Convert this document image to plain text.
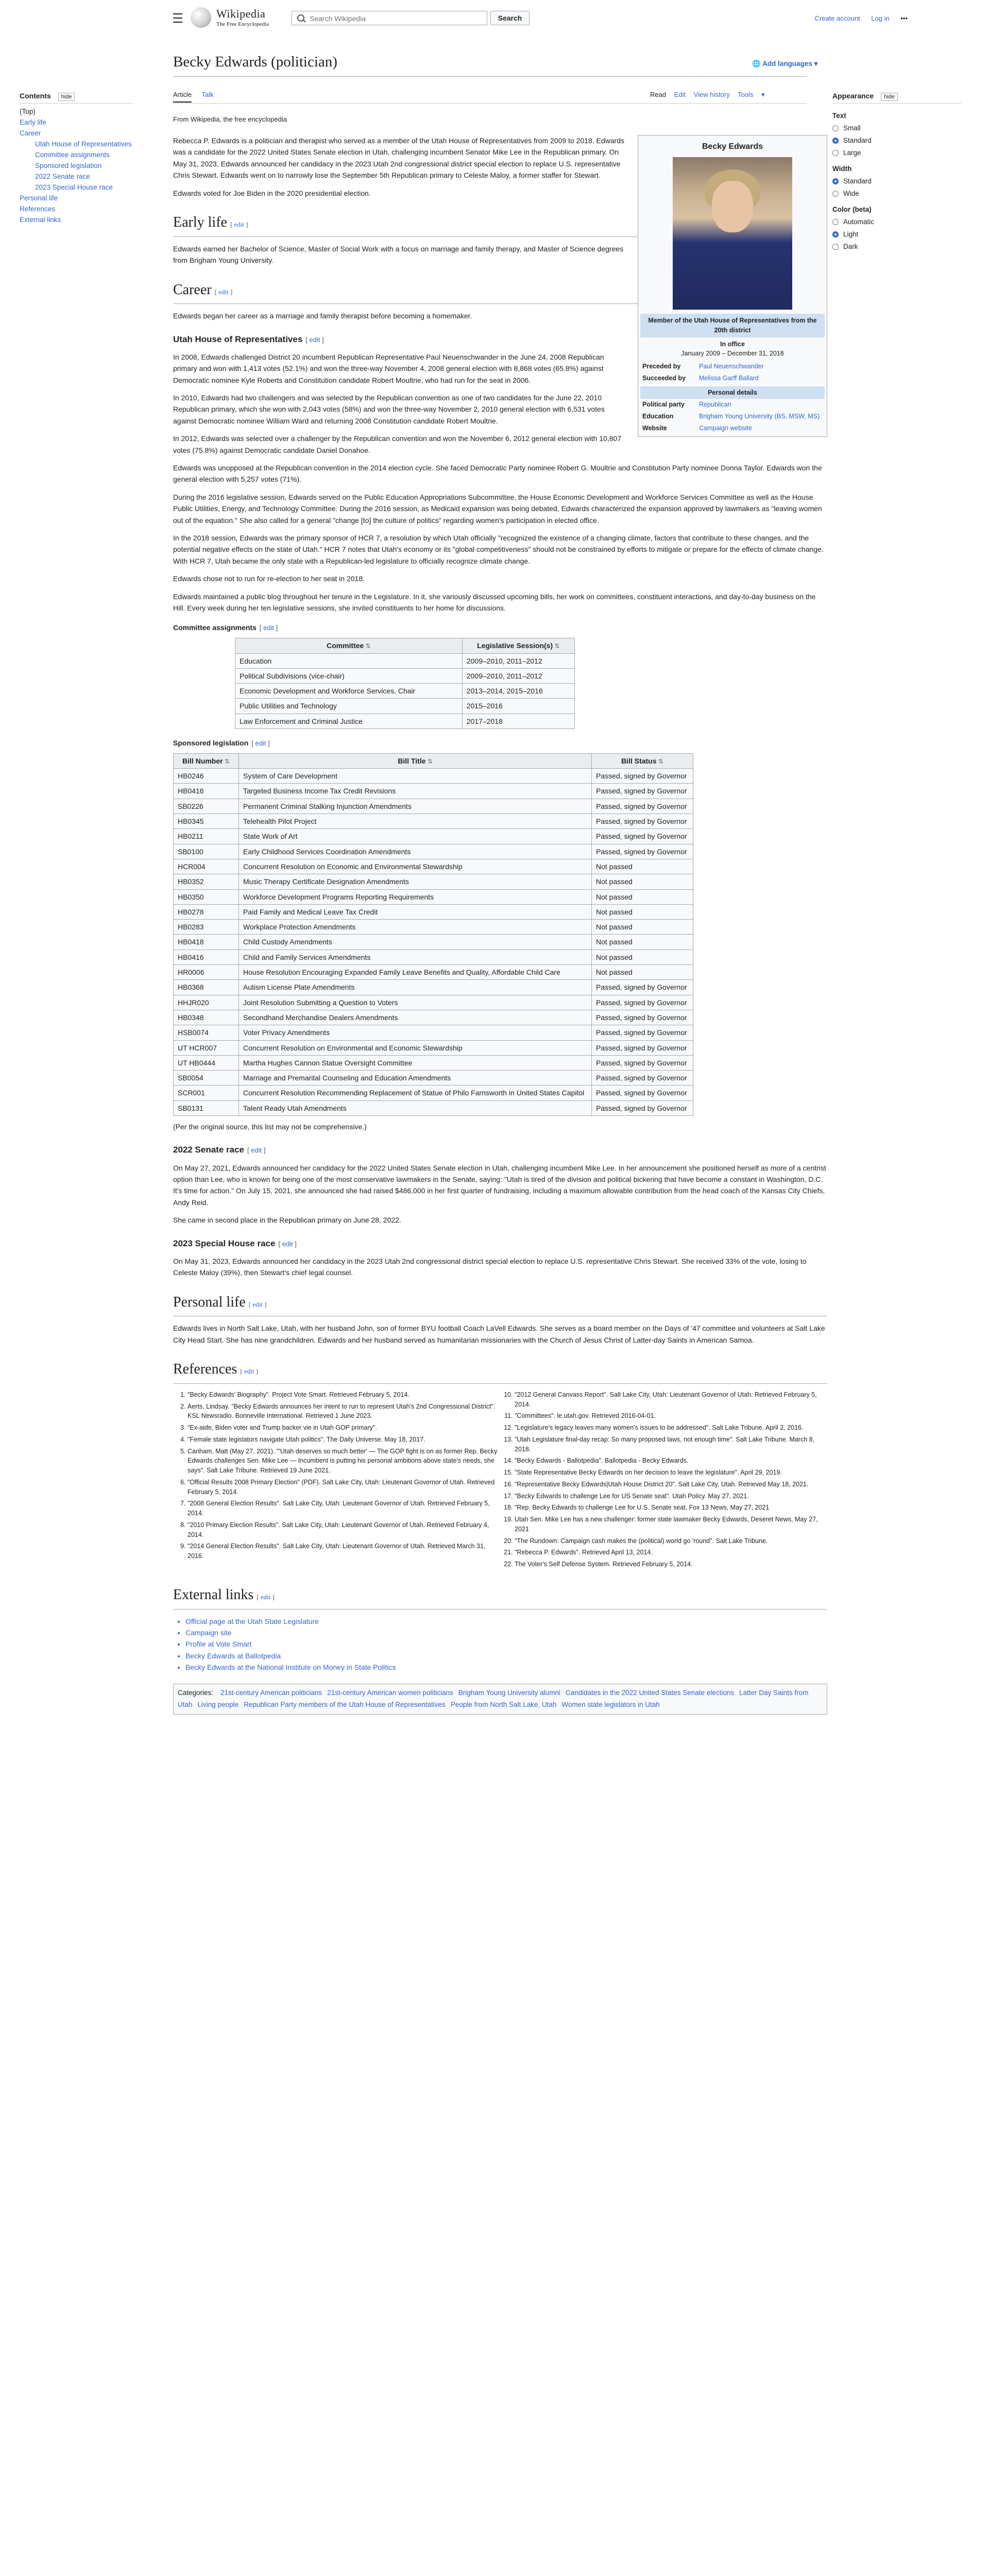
Wikipedia
The Free Encyclopedia
Search Wikipedia
Search	Create account Log in •••
Becky Edwards (politician)	🌐 Add languages ▾
Article Talk	Read Edit View history Tools ▾
From Wikipedia, the free encyclopedia
Contents hide
(Top)
Early life
Career
Utah House of Representatives
Committee assignments
Sponsored legislation
2022 Senate race
2023 Special House race
Personal life
References
External links
Appearance hide
Text
Small
Standard
Large
Width
Standard
Wide
Color (beta)
Automatic
Light
Dark
Becky Edwards
Member of the Utah House of Representatives from the 20th district
In office
January 2009 – December 31, 2018
Preceded by	Paul Neuenschwander
Succeeded by	Melissa Garff Ballard
Personal details
Political party	Republican
Education	Brigham Young University (BS, MSW, MS)
Website	Campaign website

Rebecca P. Edwards is a politician and therapist who served as a member of the Utah House of Representatives from 2009 to 2018. Edwards was a candidate for the 2022 United States Senate election in Utah, challenging incumbent Senator Mike Lee in the Republican primary. On May 31, 2023, Edwards announced her candidacy in the 2023 Utah 2nd congressional district special election to replace U.S. representative Chris Stewart. Edwards went on to narrowly lose the September 5th Republican primary to Celeste Maloy, a former staffer for Stewart.

Edwards voted for Joe Biden in the 2020 presidential election.

Early life [ edit ]

Edwards earned her Bachelor of Science, Master of Social Work with a focus on marriage and family therapy, and Master of Science degrees from Brigham Young University.

Career [ edit ]

Edwards began her career as a marriage and family therapist before becoming a homemaker.

Utah House of Representatives [ edit ]

In 2008, Edwards challenged District 20 incumbent Republican Representative Paul Neuenschwander in the June 24, 2008 Republican primary and won with 1,413 votes (52.1%) and won the three-way November 4, 2008 general election with 8,868 votes (65.8%) against Democratic nominee Kyle Roberts and Constitution candidate Robert Moultrie, who had run for the seat in 2006.

In 2010, Edwards had two challengers and was selected by the Republican convention as one of two candidates for the June 22, 2010 Republican primary, which she won with 2,043 votes (58%) and won the three-way November 2, 2010 general election with 6,531 votes against Democratic nominee William Ward and returning 2008 Constitution candidate Robert Moultrie.

In 2012, Edwards was selected over a challenger by the Republican convention and won the November 6, 2012 general election with 10,807 votes (75.8%) against Democratic candidate Daniel Donahoe.

Edwards was unopposed at the Republican convention in the 2014 election cycle. She faced Democratic Party nominee Robert G. Moultrie and Constitution Party nominee Donna Taylor. Edwards won the general election with 5,257 votes (71%).

During the 2016 legislative session, Edwards served on the Public Education Appropriations Subcommittee, the House Economic Development and Workforce Services Committee as well as the House Public Utilities, Energy, and Technology Committee. During the 2016 session, as Medicaid expansion was being debated, Edwards characterized the expansion approved by lawmakers as "leaving women out of the equation." She also called for a general "change [to] the culture of politics" regarding women's participation in elected office.

In the 2018 session, Edwards was the primary sponsor of HCR 7, a resolution by which Utah officially "recognized the existence of a changing climate, factors that contribute to these changes, and the potential negative effects on the state of Utah." HCR 7 notes that Utah's economy or its "global competitiveness" should not be constrained by efforts to mitigate or prepare for the effects of climate change. With HCR 7, Utah became the only state with a Republican-led legislature to officially recognize climate change.

Edwards chose not to run for re-election to her seat in 2018.

Edwards maintained a public blog throughout her tenure in the Legislature. In it, she variously discussed upcoming bills, her work on committees, constituent interactions, and day-to-day business on the Hill. Every week during her ten legislative sessions, she invited constituents to her home for discussions.

Committee assignments [ edit ]
Committee ⇅	Legislative Session(s) ⇅
Education	2009–2010, 2011–2012
Political Subdivisions (vice-chair)	2009–2010, 2011–2012
Economic Development and Workforce Services, Chair	2013–2014, 2015–2016
Public Utilities and Technology	2015–2016
Law Enforcement and Criminal Justice	2017–2018
Sponsored legislation [ edit ]
Bill Number ⇅	Bill Title ⇅	Bill Status ⇅
HB0246	System of Care Development	Passed, signed by Governor
HB0416	Targeted Business Income Tax Credit Revisions	Passed, signed by Governor
SB0226	Permanent Criminal Stalking Injunction Amendments	Passed, signed by Governor
HB0345	Telehealth Pilot Project	Passed, signed by Governor
HB0211	State Work of Art	Passed, signed by Governor
SB0100	Early Childhood Services Coordination Amendments	Passed, signed by Governor
HCR004	Concurrent Resolution on Economic and Environmental Stewardship	Not passed
HB0352	Music Therapy Certificate Designation Amendments	Not passed
HB0350	Workforce Development Programs Reporting Requirements	Not passed
HB0278	Paid Family and Medical Leave Tax Credit	Not passed
HB0283	Workplace Protection Amendments	Not passed
HB0418	Child Custody Amendments	Not passed
HB0416	Child and Family Services Amendments	Not passed
HR0006	House Resolution Encouraging Expanded Family Leave Benefits and Quality, Affordable Child Care	Not passed
HB0368	Autism License Plate Amendments	Passed, signed by Governor
HHJR020	Joint Resolution Submitting a Question to Voters	Passed, signed by Governor
HB0348	Secondhand Merchandise Dealers Amendments	Passed, signed by Governor
HSB0074	Voter Privacy Amendments	Passed, signed by Governor
UT HCR007	Concurrent Resolution on Environmental and Economic Stewardship	Passed, signed by Governor
UT HB0444	Martha Hughes Cannon Statue Oversight Committee	Passed, signed by Governor
SB0054	Marriage and Premarital Counseling and Education Amendments	Passed, signed by Governor
SCR001	Concurrent Resolution Recommending Replacement of Statue of Philo Farnsworth in United States Capitol	Passed, signed by Governor
SB0131	Talent Ready Utah Amendments	Passed, signed by Governor

(Per the original source, this list may not be comprehensive.)

2022 Senate race [ edit ]

On May 27, 2021, Edwards announced her candidacy for the 2022 United States Senate election in Utah, challenging incumbent Mike Lee. In her announcement she positioned herself as more of a centrist option than Lee, who is known for being one of the most conservative lawmakers in the Senate, saying: "Utah is tired of the division and political bickering that have become a constant in Washington, D.C. It's time for action." On July 15, 2021, she announced she had raised $486,000 in her first quarter of fundraising, including a maximum allowable contribution from the head coach of the Kansas City Chiefs, Andy Reid.

She came in second place in the Republican primary on June 28, 2022.

2023 Special House race [ edit ]

On May 31, 2023, Edwards announced her candidacy in the 2023 Utah 2nd congressional district special election to replace U.S. representative Chris Stewart. She received 33% of the vote, losing to Celeste Maloy (39%), then Stewart's chief legal counsel.

Personal life [ edit ]

Edwards lives in North Salt Lake, Utah, with her husband John, son of former BYU football Coach LaVell Edwards. She serves as a board member on the Days of '47 committee and volunteers at Salt Lake City Head Start. She has nine grandchildren. Edwards and her husband served as humanitarian missionaries with the Church of Jesus Christ of Latter-day Saints in American Samoa.

References [ edit ]
1. "Becky Edwards' Biography". Project Vote Smart. Retrieved February 5, 2014.
2. Aerts, Lindsay. "Becky Edwards announces her intent to run to represent Utah's 2nd Congressional District". KSL Newsradio. Bonneville International. Retrieved 1 June 2023.
3. "Ex-aide, Biden voter and Trump backer vie in Utah GOP primary".
4. "Female state legislators navigate Utah politics". The Daily Universe. May 18, 2017.
5. Canham, Matt (May 27, 2021). "'Utah deserves so much better' — The GOP fight is on as former Rep. Becky Edwards challenges Sen. Mike Lee — Incumbent is putting his personal ambitions above state's needs, she says". Salt Lake Tribune. Retrieved 19 June 2021.
6. "Official Results 2008 Primary Election" (PDF). Salt Lake City, Utah: Lieutenant Governor of Utah. Retrieved February 5, 2014.
7. "2008 General Election Results". Salt Lake City, Utah: Lieutenant Governor of Utah. Retrieved February 5, 2014.
8. "2010 Primary Election Results". Salt Lake City, Utah: Lieutenant Governor of Utah. Retrieved February 4, 2014.
9. "2014 General Election Results". Salt Lake City, Utah: Lieutenant Governor of Utah. Retrieved March 31, 2016.
10. "2012 General Canvass Report". Salt Lake City, Utah: Lieutenant Governor of Utah. Retrieved February 5, 2014.
11. "Committees". le.utah.gov. Retrieved 2016-04-01.
12. "Legislature's legacy leaves many women's issues to be addressed". Salt Lake Tribune. April 2, 2016.
13. "Utah Legislature final-day recap: So many proposed laws, not enough time". Salt Lake Tribune. March 8, 2018.
14. "Becky Edwards - Ballotpedia". Ballotpedia - Becky Edwards.
15. "State Representative Becky Edwards on her decision to leave the legislature". April 29, 2019.
16. "Representative Becky Edwards|Utah House District 20". Salt Lake City, Utah. Retrieved May 18, 2021.
17. "Becky Edwards to challenge Lee for US Senate seat". Utah Policy. May 27, 2021.
18. "Rep. Becky Edwards to challenge Lee for U.S. Senate seat, Fox 13 News, May 27, 2021
19. Utah Sen. Mike Lee has a new challenger: former state lawmaker Becky Edwards, Deseret News, May 27, 2021
20. "The Rundown: Campaign cash makes the (political) world go 'round". Salt Lake Tribune.
21. "Rebecca P. Edwards". Retrieved April 13, 2014.
22. The Voter's Self Defense System. Retrieved February 5, 2014.
External links [ edit ]
• Official page at the Utah State Legislature
• Campaign site
• Profile at Vote Smart
• Becky Edwards at Ballotpedia
• Becky Edwards at the National Institute on Money in State Politics
Categories: 21st-century American politicians 21st-century American women politicians Brigham Young University alumni Candidates in the 2022 United States Senate elections Latter Day Saints from Utah Living people Republican Party members of the Utah House of Representatives People from North Salt Lake, Utah Women state legislators in Utah
